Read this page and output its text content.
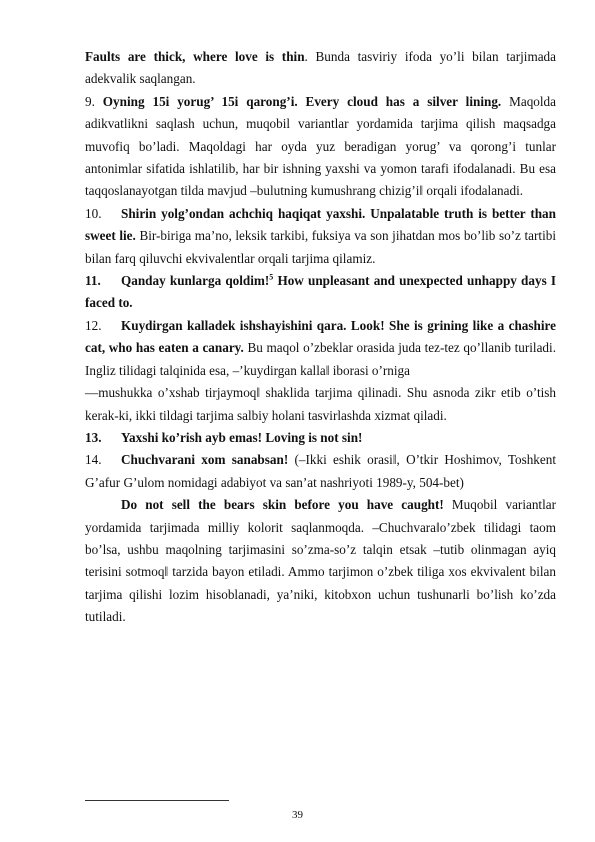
Faults are thick, where love is thin. Bunda tasviriy ifoda yo’li bilan tarjimada adekvalik saqlangan.

9. Oyning 15i yorug’ 15i qarong’i. Every cloud has a silver lining. Maqolda adikvatlikni saqlash uchun, muqobil variantlar yordamida tarjima qilish maqsadga muvofiq bo’ladi. Maqoldagi har oyda yuz beradigan yorug’ va qorong’i tunlar antonimlar sifatida ishlatilib, har bir ishning yaxshi va yomon tarafi ifodalanadi. Bu esa taqqoslanayotgan tilda mavjud ‒bulutning kumushrang chizig’i‖ orqali ifodalanadi.

10. Shirin yolg’ondan achchiq haqiqat yaxshi. Unpalatable truth is better than sweet lie. Bir-biriga ma’no, leksik tarkibi, fuksiya va son jihatdan mos bo’lib so’z tartibi bilan farq qiluvchi ekvivalentlar orqali tarjima qilamiz.

11. Qanday kunlarga qoldim!$^5$ How unpleasant and unexpected unhappy days I faced to.

12. Kuydirgan kalladek ishshayishini qara. Look! She is grining like a chashire cat, who has eaten a canary. Bu maqol o’zbeklar orasida juda tez-tez qo’llanib turiladi. Ingliz tilidagi talqinida esa, ‒’kuydirgan kalla‖ iborasi o’rniga

―mushukka o’xshab tirjaymoq‖ shaklida tarjima qilinadi. Shu asnoda zikr etib o’tish kerak-ki, ikki tildagi tarjima salbiy holani tasvirlashda xizmat qiladi.

13. Yaxshi ko’rish ayb emas! Loving is not sin!

14. Chuchvarani xom sanabsan! (‒Ikki eshik orasi‖, O’tkir Hoshimov, Toshkent G’afur G’ulom nomidagi adabiyot va san’at nashriyoti 1989-y, 504-bet)

Do not sell the bears skin before you have caught! Muqobil variantlar yordamida tarjimada milliy kolorit saqlanmoqda. ‒Chuchvara‖o’zbek tilidagi taom bo’lsa, ushbu maqolning tarjimasini so’zma-so’z talqin etsak ‒tutib olinmagan ayiq terisini sotmoq‖ tarzida bayon etiladi. Ammo tarjimon o’zbek tiliga xos ekvivalent bilan tarjima qilishi lozim hisoblanadi, ya’niki, kitobxon uchun tushunarli bo’lish ko’zda tutiladi.

39
